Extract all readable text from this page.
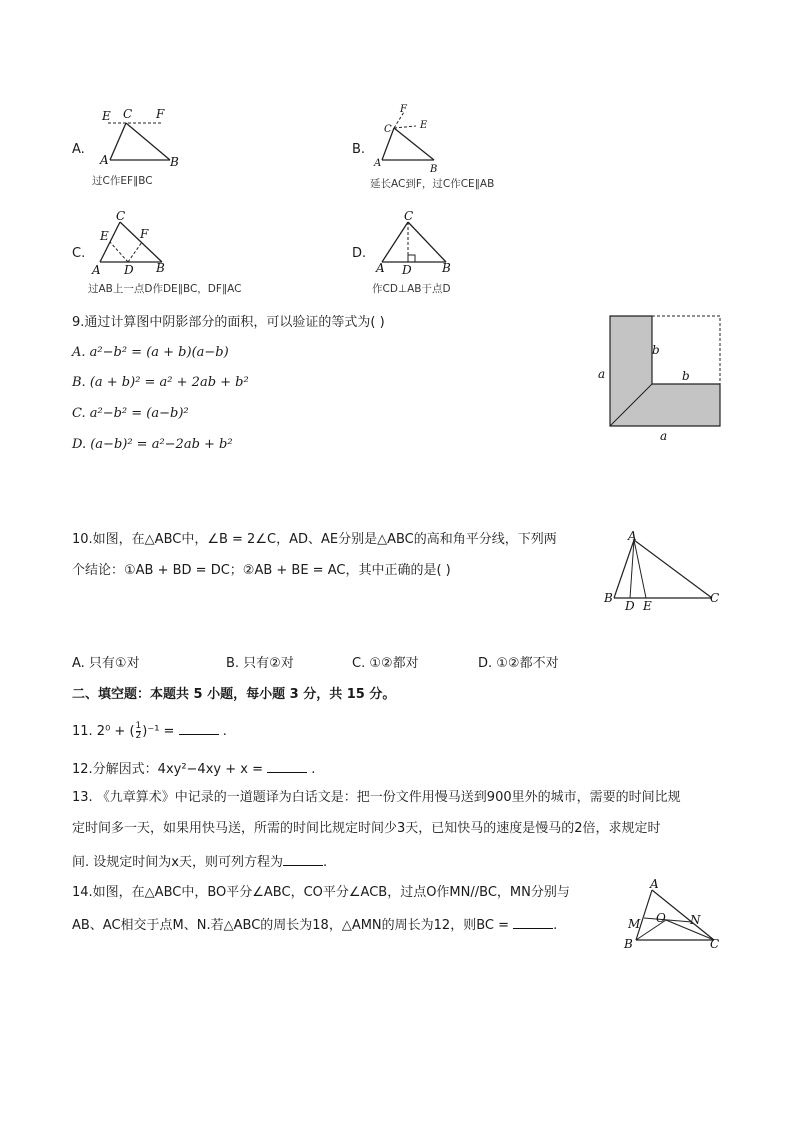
A.
E C F
A	B
过C作EF∥BC
B.
F
C	E
A
B
延长AC到F，过C作CE∥AB
C.
C
E	F
A D B
过AB上一点D作DE∥BC，DF∥AC
D.
C
A D	B
作CD⊥AB于点D
9.通过计算图中阴影部分的面积，可以验证的等式为( )
A. a²−b² = (a + b)(a−b)
B. (a + b)² = a² + 2ab + b²
C. a²−b² = (a−b)²
D. (a−b)² = a²−2ab + b²
a
b
b
a
10.如图，在△ABC中，∠B = 2∠C，AD、AE分别是△ABC的高和角平分线，下列两
个结论：①AB + BD = DC；②AB + BE = AC，其中正确的是( )
A
B
D E
C
A. 只有①对	B. 只有②对	C. ①②都对	D. ①②都不对
二、填空题：本题共 5 小题，每小题 3 分，共 15 分。
11. 2⁰ + ( $\frac{1}{2} )^{-1}$ =	.
12.分解因式：4xy²−4xy + x =	.
13. 《九章算术》中记录的一道题译为白话文是：把一份文件用慢马送到900里外的城市，需要的时间比规
定时间多一天，如果用快马送，所需的时间比规定时间少3天，已知快马的速度是慢马的2倍，求规定时
间. 设规定时间为x天，则可列方程为	.
14.如图，在△ABC中，BO平分∠ABC，CO平分∠ACB，过点O作MN//BC，MN分别与
AB、AC相交于点M、N.若△ABC的周长为18，△AMN的周长为12，则BC =	.
A
M O N
B	C
